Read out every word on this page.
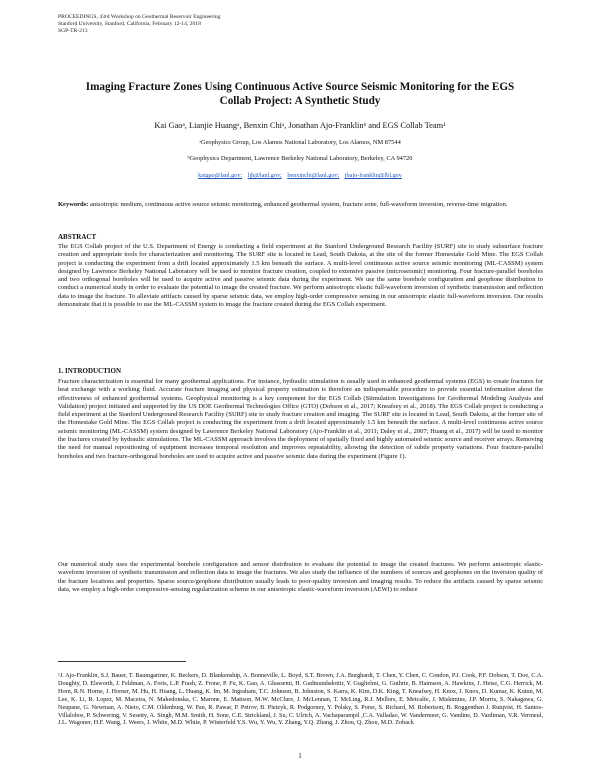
PROCEEDINGS, 43rd Workshop on Geothermal Reservoir Engineering
Stanford University, Stanford, California, February 12-14, 2018
SGP-TR-213
Imaging Fracture Zones Using Continuous Active Source Seismic Monitoring for the EGS Collab Project: A Synthetic Study
Kai Gaoᵃ, Lianjie Huangᵃ, Benxin Chiᵃ, Jonathan Ajo-Franklinᵇ and EGS Collab Team¹
ᵃGeophysics Group, Los Alamos National Laboratory, Los Alamos, NM 87544
ᵇGeophysics Department, Lawrence Berkeley National Laboratory, Berkeley, CA 94720
kaigao@lanl.gov; ljh@lanl.gov; benxinchi@lanl.gov; jbajo-franklin@lbl.gov
Keywords: anisotropic medium, continuous active source seismic monitoring, enhanced geothermal system, fracture zone, full-waveform inversion, reverse-time migration.
ABSTRACT

The EGS Collab project of the U.S. Department of Energy is conducting a field experiment at the Stanford Underground Research Facility (SURF) site to study subsurface fracture creation and appropriate tools for characterization and monitoring. The SURF site is located in Lead, South Dakota, at the site of the former Homestake Gold Mine. The EGS Collab project is conducting the experiment from a drift located approximately 1.5 km beneath the surface. A multi-level continuous active source seismic monitoring (ML-CASSM) system designed by Lawrence Berkeley National Laboratory will be used to monitor fracture creation, coupled to extensive passive (microseismic) monitoring. Four fracture-parallel boreholes and two orthogonal boreholes will be used to acquire active and passive seismic data during the experiment. We use the same borehole configuration and geophone distribution to conduct a numerical study in order to evaluate the potential to image the created fracture. We perform anisotropic elastic full-waveform inversion of synthetic transmission and reflection data to image the fracture. To alleviate artifacts caused by sparse seismic data, we employ high-order compressive sensing in our anisotropic elastic full-waveform inversion. Our results demonstrate that it is possible to use the ML-CASSM system to image the fracture created during the EGS Collab experiment.

1. INTRODUCTION

Fracture characterization is essential for many geothermal applications. For instance, hydraulic stimulation is usually used in enhanced geothermal systems (EGS) to create fractures for heat exchange with a working fluid. Accurate fracture imaging and physical property estimation is therefore an indispensable procedure to provide essential information about the effectiveness of enhanced geothermal systems. Geophysical monitoring is a key component for the EGS Collab (Stimulation Investigations for Geothermal Modeling Analysis and Validation) project initiated and supported by the US DOE Geothermal Technologies Office (GTO) (Dobson et al., 2017; Kneafsey et al., 2018). The EGS Collab project is conducting a field experiment at the Stanford Underground Research Facility (SURF) site to study fracture creation and imaging. The SURF site is located in Lead, South Dakota, at the former site of the Homestake Gold Mine. The EGS Collab project is conducting the experiment from a drift located approximately 1.5 km beneath the surface. A multi-level continuous active source seismic monitoring (ML-CASSM) system designed by Lawrence Berkeley National Laboratory (Ajo-Franklin et al., 2011; Daley et al., 2007; Huang et al., 2017) will be used to monitor the fractures created by hydraulic stimulations. The ML-CASSM approach involves the deployment of spatially fixed and highly automated seismic source and receiver arrays. Removing the need for manual repositioning of equipment increases temporal resolution and improves repeatability, allowing the detection of subtle property variations. Four fracture-parallel boreholes and two fracture-orthogonal boreholes are used to acquire active and passive seismic data during the experiment (Figure 1).

Our numerical study uses the experimental borehole configuration and sensor distribution to evaluate the potential to image the created fractures. We perform anisotropic elastic-waveform inversion of synthetic transmission and reflection data to image the fractures. We also study the influence of the numbers of sources and geophones on the inversion quality of the fracture locations and properties. Sparse source/geophone distribution usually leads to poor-quality inversion and imaging results. To reduce the artifacts caused by sparse seismic data, we employ a high-order compressive-sensing regularization scheme in our anisotropic elastic-waveform inversion (AEWI) to reduce

¹J. Ajo-Franklin, S.J. Bauer, T. Baumgartner, K. Beckers, D. Blankenship, A. Bonneville, L. Boyd, S.T. Brown, J.A. Burghardt, T. Chen, Y. Chen, C. Condon, P.J. Cook, P.F. Dobson, T. Doe, C.A. Doughty, D. Elsworth, J. Feldman, A. Foris, L.P. Frash, Z. Frone, P. Fu, K. Gao, A. Ghassemi, H. Gudmundsdottir, Y. Guglielmi, G. Guthrie, B. Haimson, A. Hawkins, J. Heise, C.G. Herrick, M. Horn, R.N. Horne, J. Horner, M. Hu, H. Huang, L. Huang, K. Im, M. Ingraham, T.C. Johnson, B. Johnston, S. Karra, K. Kim, D.K. King, T. Kneafsey, H. Knox, J. Knox, D. Kumar, K. Kutun, M. Lee, K. Li, R. Lopez, M. Maceira, N. Makedonska, C. Marone, E. Mattson, M.W. McClure, J. McLennan, T. McLing, R.J. Mellors, E. Metcalfe, J. Miskimins, J.P. Morris, S. Nakagawa, G. Neupane, G. Newman, A. Nieto, C.M. Oldenburg, W. Pan, R. Pawar, P. Petrov, B. Pietzyk, R. Podgorney, Y. Polsky, S. Porse, S. Richard, M. Robertson, B. Roggenthen J. Rutqvist, H. Santos-Villalobos, P. Schwering, V. Sesetty, A. Singh, M.M. Smith, H. Sone, C.E. Strickland, J. Su, C. Ulrich, A. Vachaparampil ,C.A. Valladao, W. Vandermeer, G. Vandine, D. Vardiman, V.R. Vermeul, J.L. Wagoner, H.F. Wang, J. Weers, J. White, M.D. White, P. Winterfeld Y.S. Wu, Y. Wu, Y. Zhang, Y.Q. Zhang, J. Zhou, Q. Zhou, M.D. Zoback

1
